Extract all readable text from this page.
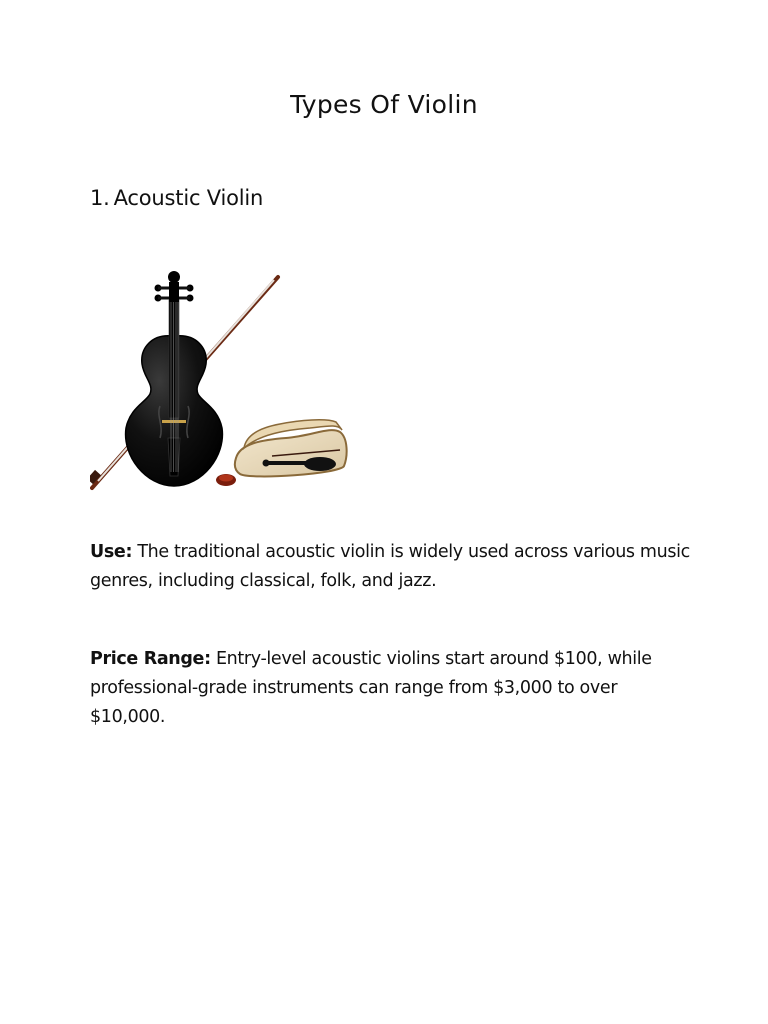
Types Of Violin
1. Acoustic Violin
Use: The traditional acoustic violin is widely used across various music genres, including classical, folk, and jazz.
Price Range: Entry-level acoustic violins start around $100, while professional-grade instruments can range from $3,000 to over $10,000.
